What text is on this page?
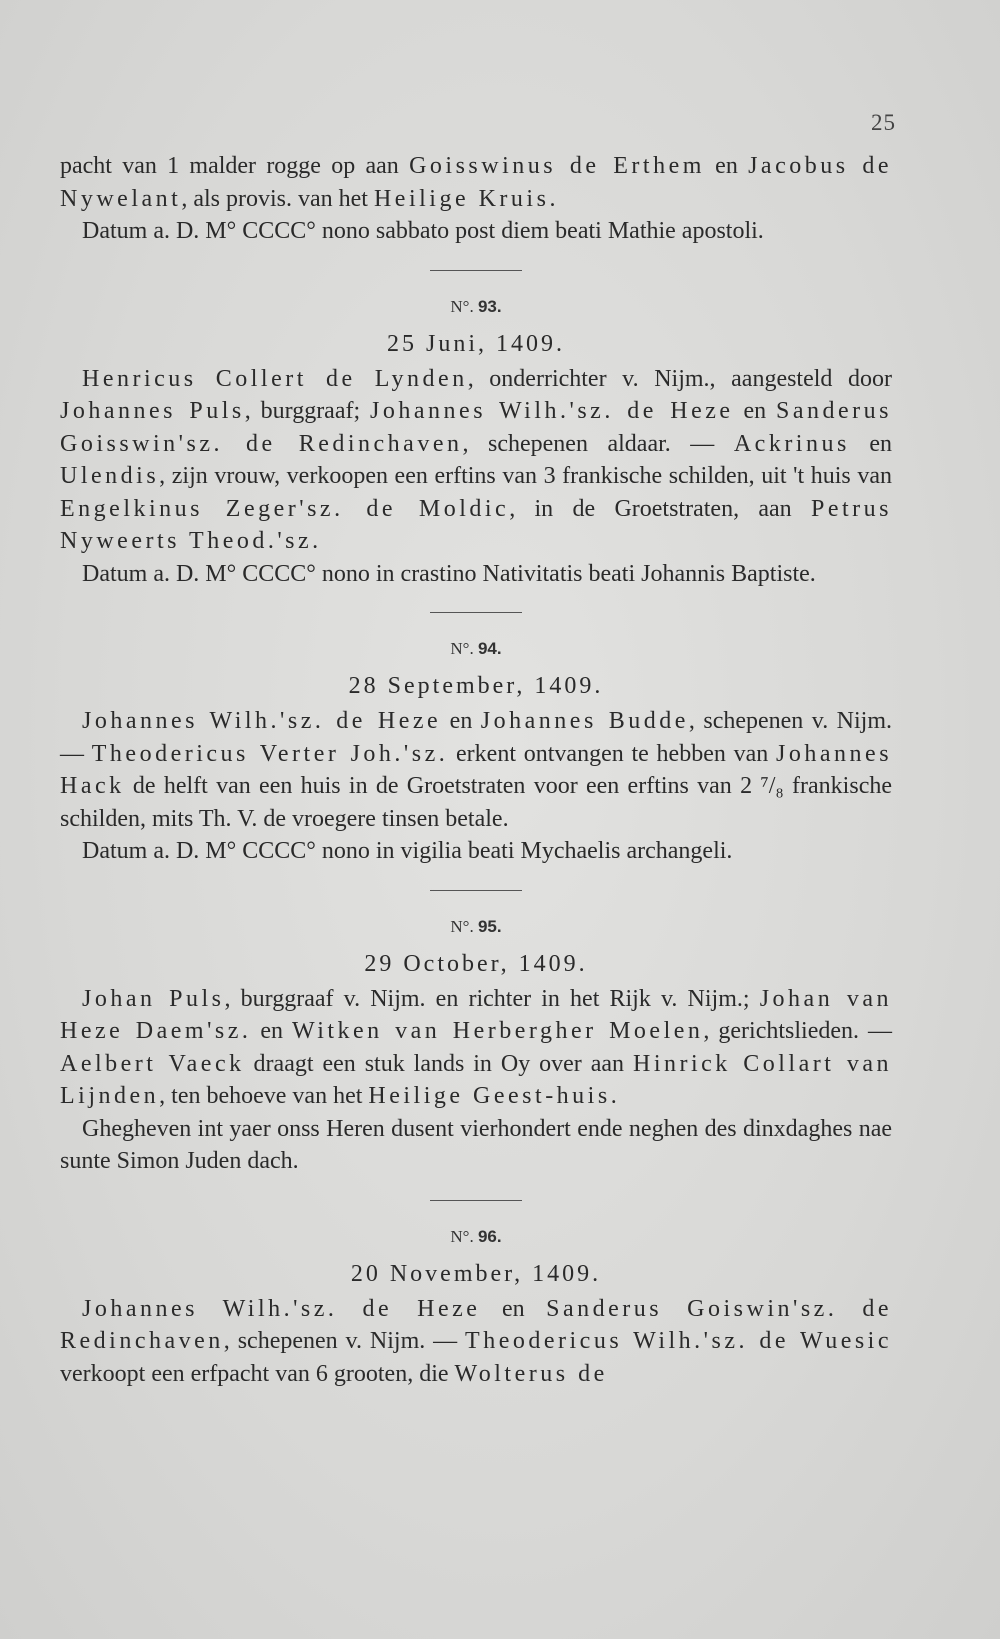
25

pacht van 1 malder rogge op aan Goisswinus de Erthem en Jacobus de Nywelant, als provis. van het Heilige Kruis.

Datum a. D. M° CCCC° nono sabbato post diem beati Mathie apostoli.

N°. 93.
25 Juni, 1409.

Henricus Collert de Lynden, onderrichter v. Nijm., aangesteld door Johannes Puls, burggraaf; Johannes Wilh.'sz. de Heze en Sanderus Goisswin'sz. de Redinchaven, schepenen aldaar. — Ackrinus en Ulendis, zijn vrouw, verkoopen een erftins van 3 frankische schilden, uit 't huis van Engelkinus Zeger'sz. de Moldic, in de Groetstraten, aan Petrus Nyweerts Theod.'sz.

Datum a. D. M° CCCC° nono in crastino Nativitatis beati Johannis Baptiste.

N°. 94.
28 September, 1409.

Johannes Wilh.'sz. de Heze en Johannes Budde, schepenen v. Nijm. — Theodericus Verter Joh.'sz. erkent ontvangen te hebben van Johannes Hack de helft van een huis in de Groetstraten voor een erftins van 2 ⁷/₈ frankische schilden, mits Th. V. de vroegere tinsen betale.

Datum a. D. M° CCCC° nono in vigilia beati Mychaelis archangeli.

N°. 95.
29 October, 1409.

Johan Puls, burggraaf v. Nijm. en richter in het Rijk v. Nijm.; Johan van Heze Daem'sz. en Witken van Herbergher Moelen, gerichtslieden. — Aelbert Vaeck draagt een stuk lands in Oy over aan Hinrick Collart van Lijnden, ten behoeve van het Heilige Geest-huis.

Ghegheven int yaer onss Heren dusent vierhondert ende neghen des dinxdaghes nae sunte Simon Juden dach.

N°. 96.
20 November, 1409.

Johannes Wilh.'sz. de Heze en Sanderus Goiswin'sz. de Redinchaven, schepenen v. Nijm. — Theodericus Wilh.'sz. de Wuesic verkoopt een erfpacht van 6 grooten, die Wolterus de
